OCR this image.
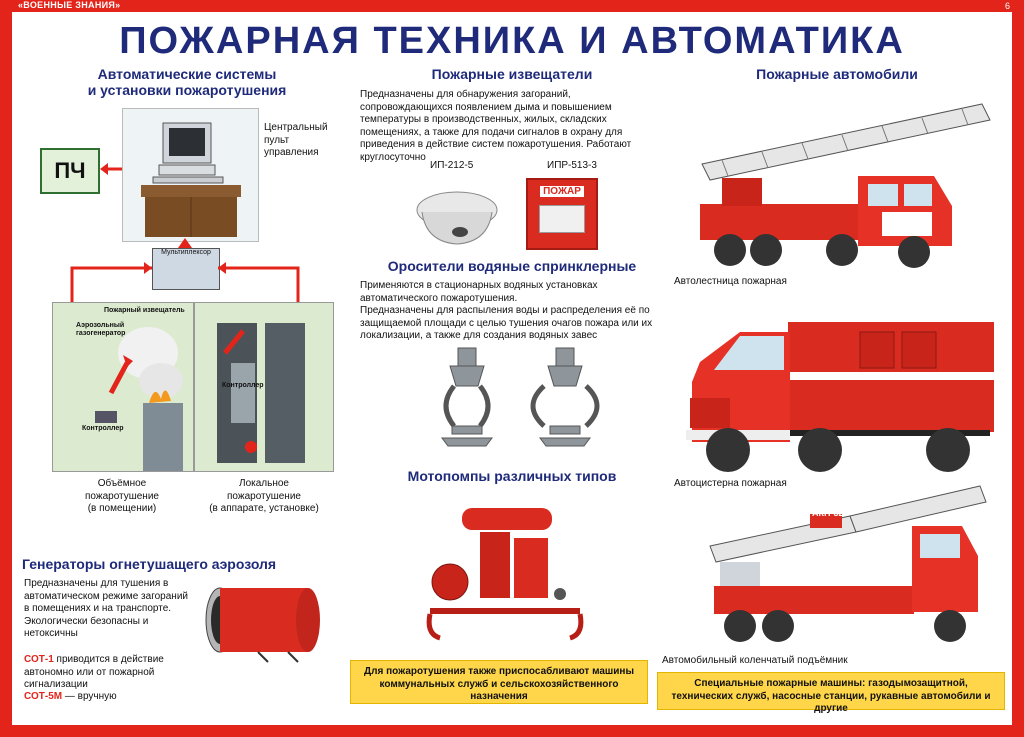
«ВОЕННЫЕ ЗНАНИЯ»	6
ПОЖАРНАЯ ТЕХНИКА И АВТОМАТИКА
Автоматические системы
и установки пожаротушения
ПЧ
Центральный
пульт
управления
Мультиплексор
Пожарный извещатель
Аэрозольный
газогенератор
Контроллер
Контроллер
Объёмное
пожаротушение
(в помещении)
Локальное
пожаротушение
(в аппарате, установке)
Генераторы огнетушащего аэрозоля
Предназначены для тушения в автоматическом режиме загораний в помещениях и на транспорте. Экологически безопасны и нетоксичны
СОТ-1 приводится в действие автономно или от пожарной сигнализации
СОТ-5М — вручную
Пожарные извещатели
Предназначены для обнаружения загораний, сопровождающихся появлением дыма и повышением температуры в производственных, жилых, складских помещениях, а также для подачи сигналов в охрану для приведения в действие систем пожаротушения. Работают круглосуточно
ИП-212-5	ИПР-513-3
ПОЖАР
Оросители водяные спринклерные
Применяются в стационарных водяных установках автоматического пожаротушения.
Предназначены для распыления воды и распределения её по защищаемой площади с целью тушения очагов пожара или их локализации, а также для создания водяных завес
Мотопомпы различных типов
Для пожаротушения также приспосабливают машины коммунальных служб и сельскохозяйственного назначения
Пожарные автомобили
Автолестница пожарная
Автоцистерна пожарная
АКП-32
Автомобильный коленчатый подъёмник
Специальные пожарные машины: газодымозащитной, технических служб, насосные станции, рукавные автомобили и другие
